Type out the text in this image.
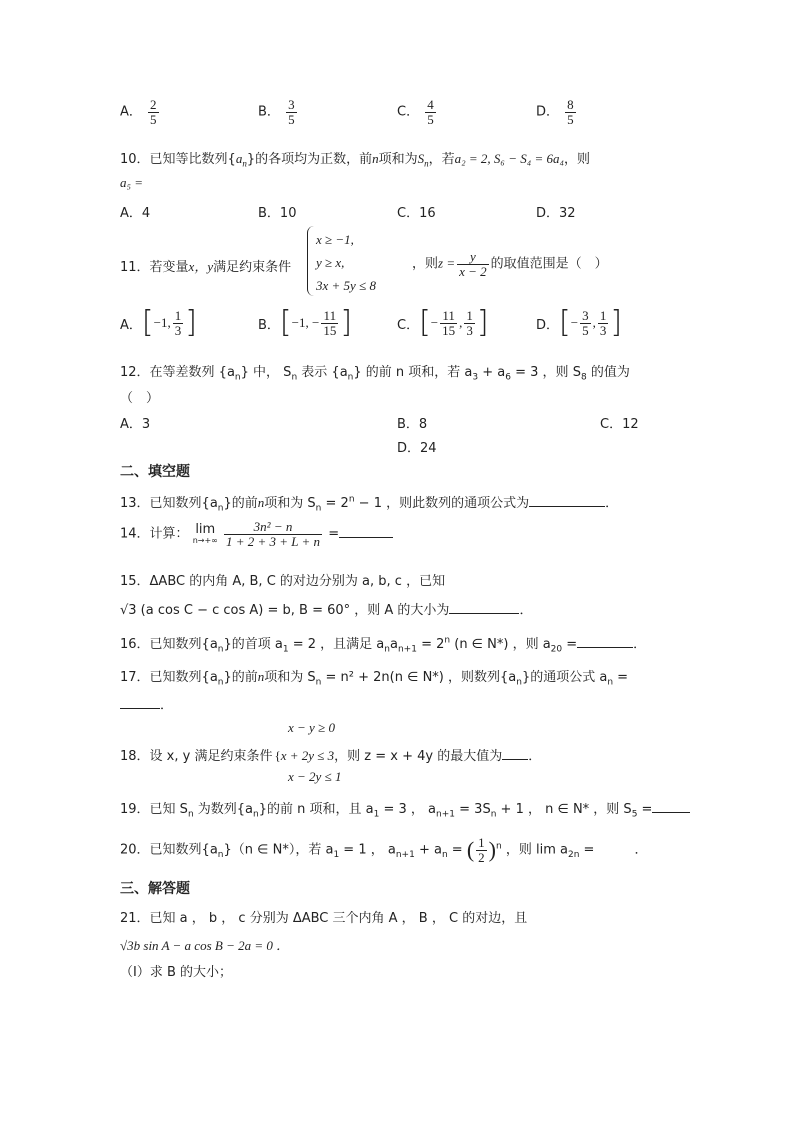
A． $\frac{2}{5}$	B． $\frac{3}{5}$	C． $\frac{4}{5}$	D． $\frac{8}{5}$
10．已知等比数列$\{a_n\}$的各项均为正数，前n项和为$S_n$，若a₂ = 2, S₆ − S₄ = 6a₄，则
a₅ =
A．4	B．10	C．16	D．32
11．若变量x，y满足约束条件
x ≥ −1,
y ≥ x,
3x + 5y ≤ 8
，则$z = \frac{y}{x - 2}$ 的取值范围是（　）
A． [ −1, $\frac{1}{3}$ ]	B． [ −1, − $\frac{11}{15}$ ]	C． [ − $\frac{11}{15}$ , $\frac{1}{3}$ ]	D． [ − $\frac{3}{5}$ , $\frac{1}{3}$ ]
12．在等差数列 $\{a_n\}$ 中， $S_n$ 表示 $\{a_n\}$ 的前 n 项和，若 $a_3 + a_6 = 3$ ，则 $S_8$ 的值为
（　）
A．3	B．8	C．12
D．24
二、填空题
13．已知数列$\{a_n\}$的前n项和为 $S_n = 2^n - 1$ ，则此数列的通项公式为	．
14．计算： lim
n→+∞
$\frac{\text{3n² − n}}{1 + 2 + 3 + L + n}$ =
15．ΔABC 的内角 A, B, C 的对边分别为 a, b, c ，已知
√3 (a cos C − c cos A) = b, B = 60° ，则 A 的大小为	．
16．已知数列$\{a_n\}$的首项 $a_1 = 2$ ，且满足 $a_na_{n+1} = 2^n$ (n ∈ N*) ，则 $a_{20}$ =	．
17．已知数列$\{a_n\}$的前n项和为 $S_n = n^2 + 2n(n$ ∈ N*) ，则数列$\{a_n\}$的通项公式 $a_n$ =
．
x − y ≥ 0
18．设 x, y 满足约束条件 {x + 2y ≤ 3，则 z = x + 4y 的最大值为 ．
x − 2y ≤ 1
19．已知 $S_n$ 为数列$\{a_n\}$的前 n 项和，且 $a_1 = 3$ ， $a_{n+1} = 3S_n + 1$ ， n ∈ N* ，则 $S_5$ =
20．已知数列$\{a_n\}(n$ ∈ N*），若 $a_1 = 1$ ， $a_{n+1} + a_n$ = ( $\frac{1}{2} )^n$ ，则 $\lim a_{2n}$ =	．
三、解答题
21．已知 a ， b ， c 分别为 ΔABC 三个内角 A ， B ， C 的对边，且
√3b sin A − a cos B − 2a = 0 ．
（Ⅰ）求 B 的大小；
